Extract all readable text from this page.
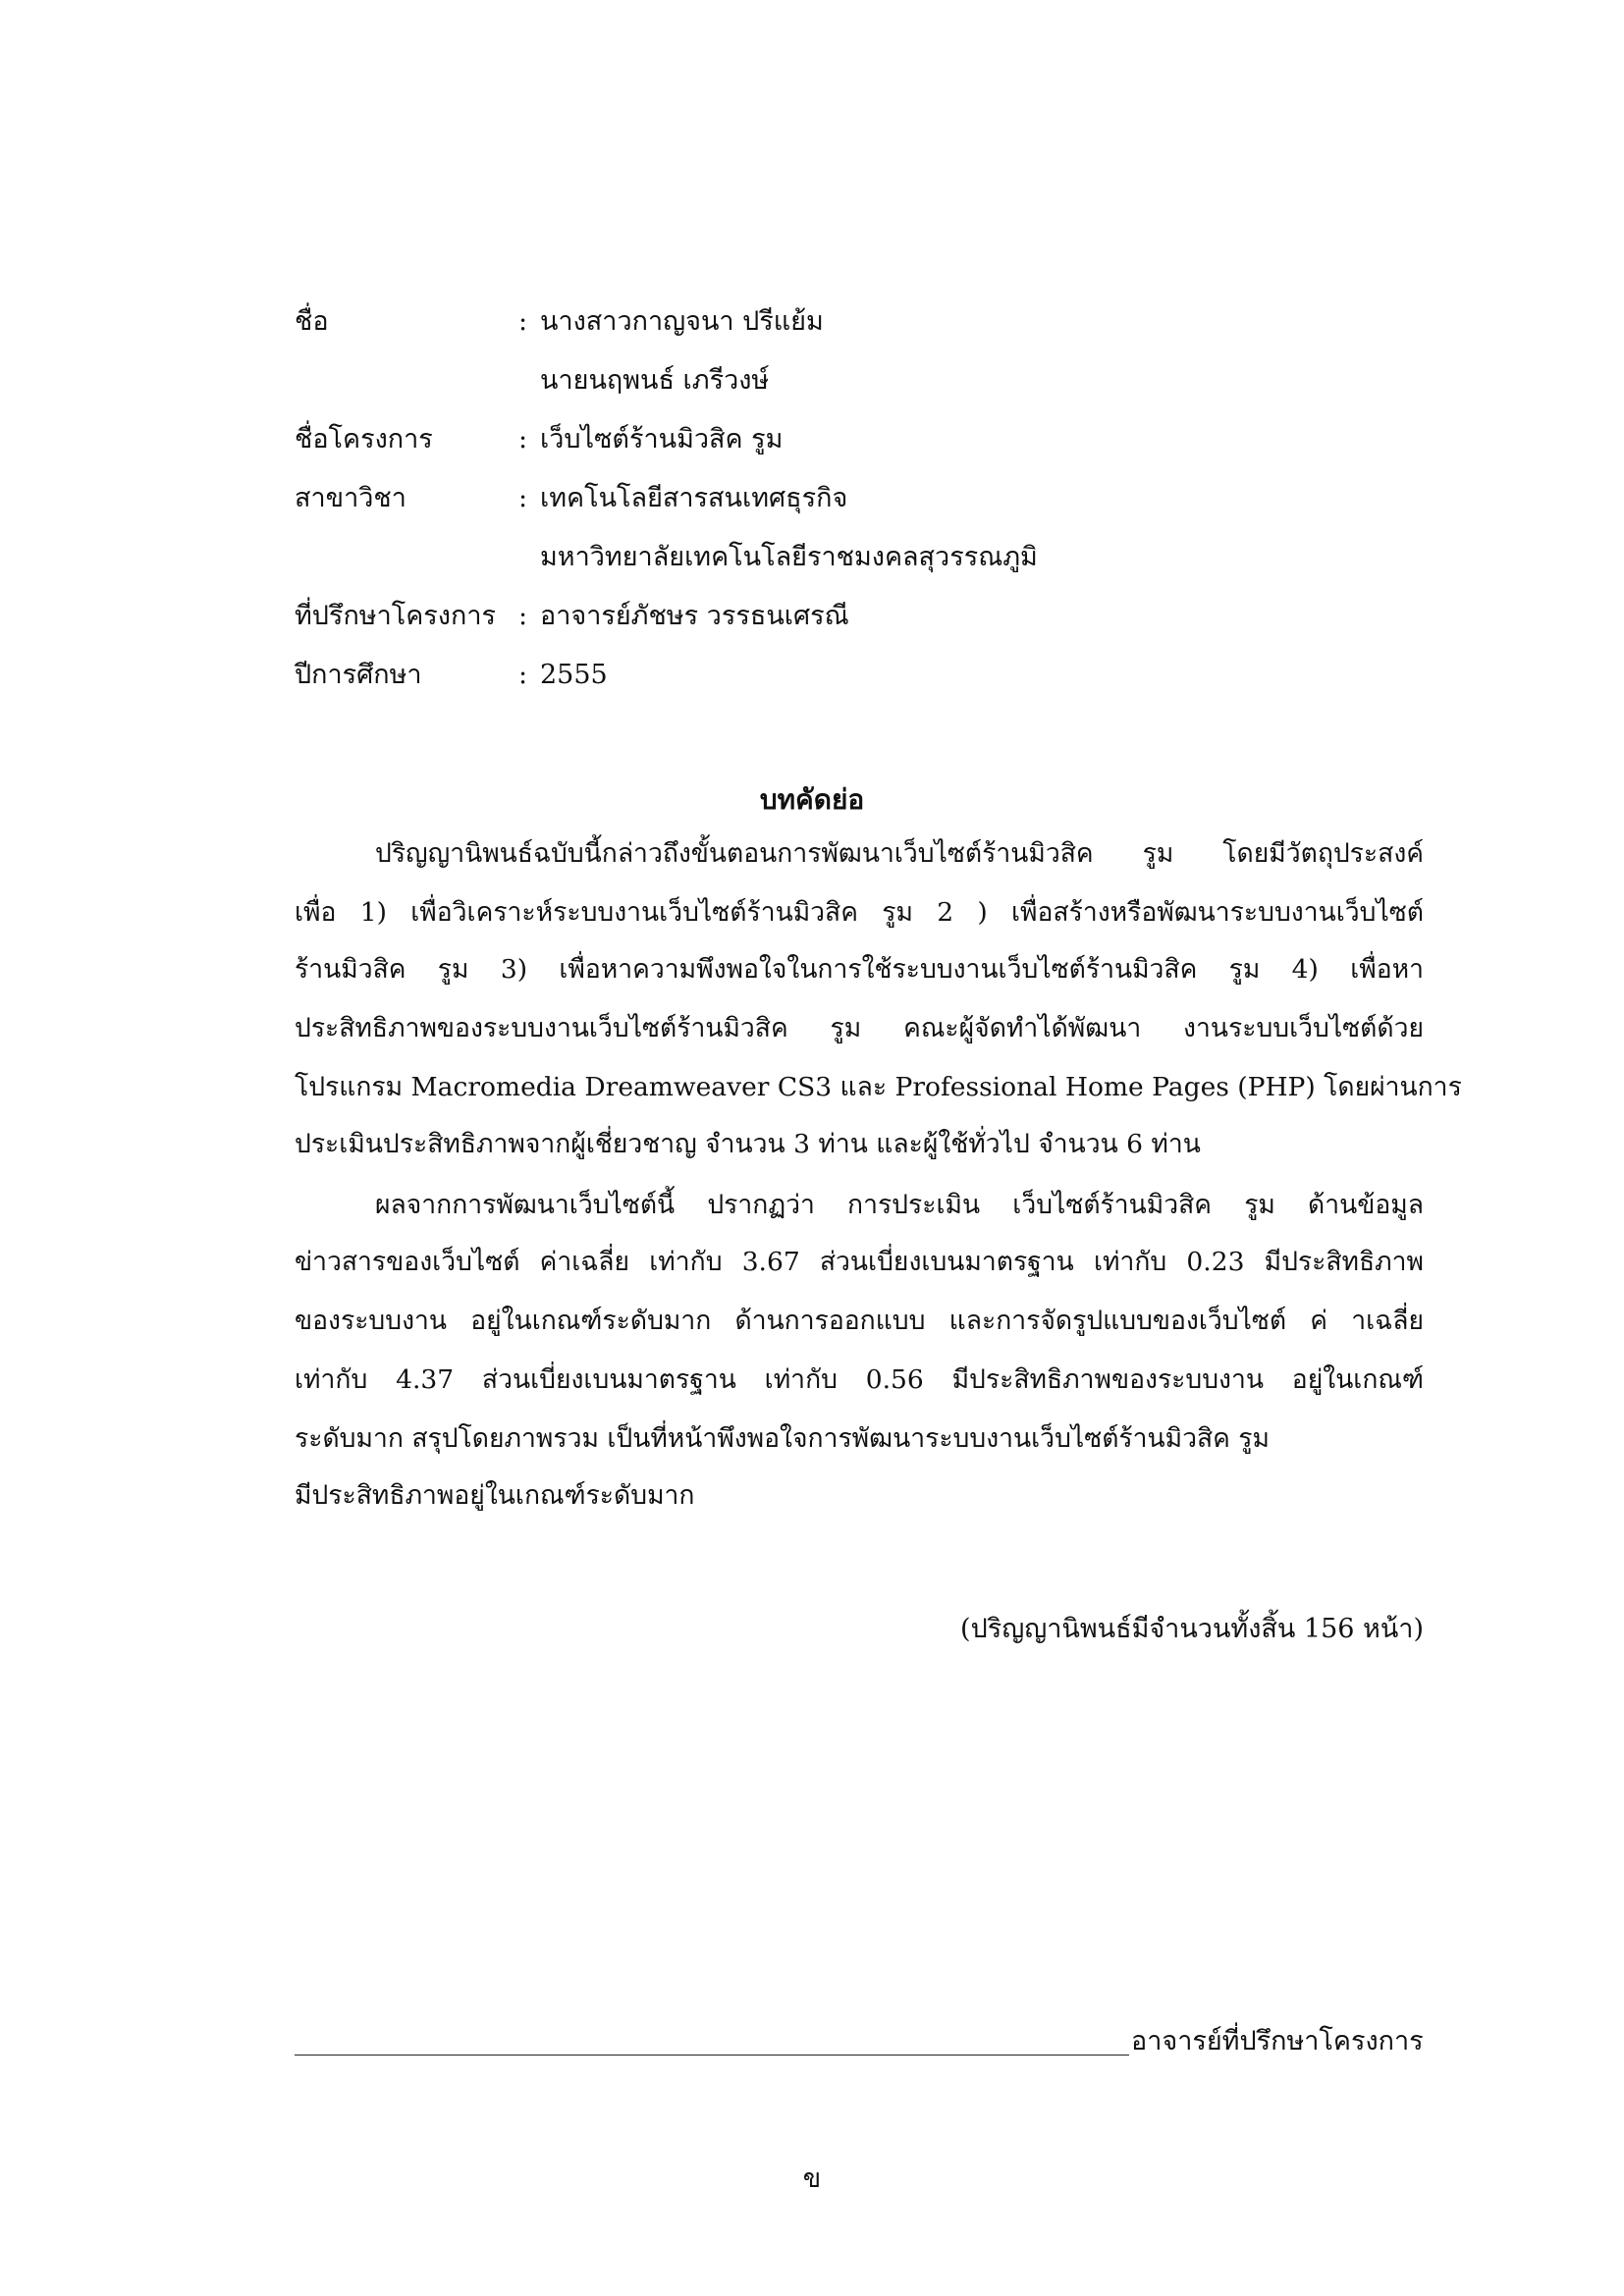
ชื่อ	: นางสาวกาญจนา ปรีแย้ม
นายนฤพนธ์ เภรีวงษ์
ชื่อโครงการ	: เว็บไซต์ร้านมิวสิค รูม
สาขาวิชา	: เทคโนโลยีสารสนเทศธุรกิจ
มหาวิทยาลัยเทคโนโลยีราชมงคลสุวรรณภูมิ
ที่ปรึกษาโครงการ : อาจารย์ภัชษร วรรธนเศรณี
ปีการศึกษา	: 2555
บทคัดย่อ
ปริญญานิพนธ์ฉบับนี้กล่าวถึงขั้นตอนการพัฒนาเว็บไซต์ร้านมิวสิค รูม โดยมีวัตถุประสงค์
เพื่อ 1) เพื่อวิเคราะห์ระบบงานเว็บไซต์ร้านมิวสิค รูม 2 ) เพื่อสร้างหรือพัฒนาระบบงานเว็บไซต์
ร้านมิวสิค รูม 3) เพื่อหาความพึงพอใจในการใช้ระบบงานเว็บไซต์ร้านมิวสิค รูม 4) เพื่อหา
ประสิทธิภาพของระบบงานเว็บไซต์ร้านมิวสิค รูม คณะผู้จัดทำได้พัฒนา งานระบบเว็บไซต์ด้วย
โปรแกรม Macromedia Dreamweaver CS3 และ Professional Home Pages (PHP) โดยผ่านการ
ประเมินประสิทธิภาพจากผู้เชี่ยวชาญ จำนวน 3 ท่าน และผู้ใช้ทั่วไป จำนวน 6 ท่าน
ผลจากการพัฒนาเว็บไซต์นี้ ปรากฏว่า การประเมิน เว็บไซต์ร้านมิวสิค รูม ด้านข้อมูล
ข่าวสารของเว็บไซต์ ค่าเฉลี่ย เท่ากับ 3.67 ส่วนเบี่ยงเบนมาตรฐาน เท่ากับ 0.23 มีประสิทธิภาพ
ของระบบงาน อยู่ในเกณฑ์ระดับมาก ด้านการออกแบบ และการจัดรูปแบบของเว็บไซต์ ค่ าเฉลี่ย
เท่ากับ 4.37 ส่วนเบี่ยงเบนมาตรฐาน เท่ากับ 0.56 มีประสิทธิภาพของระบบงาน อยู่ในเกณฑ์
ระดับมาก สรุปโดยภาพรวม เป็นที่หน้าพึงพอใจการพัฒนาระบบงานเว็บไซต์ร้านมิวสิค รูม
มีประสิทธิภาพอยู่ในเกณฑ์ระดับมาก
(ปริญญานิพนธ์มีจำนวนทั้งสิ้น 156 หน้า)
อาจารย์ที่ปรึกษาโครงการ
ข
